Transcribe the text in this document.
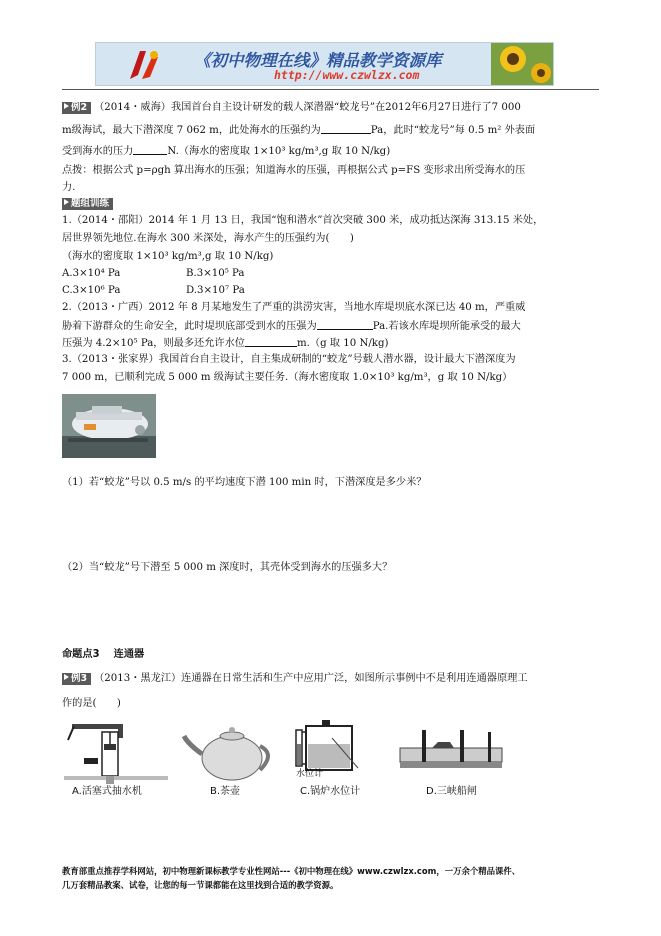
《初中物理在线》精品教学资源库
http://www.czwlzx.com
例2 （2014・威海）我国首台自主设计研发的载人深潜器“蛟龙号”在2012年6月27日进行了7 000
m级海试，最大下潜深度 7 062 m，此处海水的压强约为	Pa，此时“蛟龙号”每 0.5 m² 外表面
受到海水的压力	N.（海水的密度取 1×10³ kg/m³,g 取 10 N/kg)
点拨：根据公式 p=ρgh 算出海水的压强；知道海水的压强，再根据公式 p=FS 变形求出所受海水的压
力.
题组训练
1.（2014・邵阳）2014 年 1 月 13 日，我国“饱和潜水”首次突破 300 米，成功抵达深海 313.15 米处，
居世界领先地位.在海水 300 米深处，海水产生的压强约为(　　)
（海水的密度取 1×10³ kg/m³,g 取 10 N/kg)
A.3×10⁴ Pa	B.3×10⁵ Pa
C.3×10⁶ Pa	D.3×10⁷ Pa
2.（2013・广西）2012 年 8 月某地发生了严重的洪涝灾害，当地水库堤坝底水深已达 40 m，严重威
胁着下游群众的生命安全，此时堤坝底部受到水的压强为	Pa.若该水库堤坝所能承受的最大
压强为 4.2×10⁵ Pa，则最多还允许水位	m.（g 取 10 N/kg)
3.（2013・张家界）我国首台自主设计，自主集成研制的“蛟龙”号载人潜水器，设计最大下潜深度为
7 000 m，已顺利完成 5 000 m 级海试主要任务.（海水密度取 1.0×10³ kg/m³，g 取 10 N/kg）
（1）若“蛟龙”号以 0.5 m/s 的平均速度下潜 100 min 时，下潜深度是多少米？
（2）当“蛟龙”号下潜至 5 000 m 深度时，其壳体受到海水的压强多大？
命题点3 连通器
例3 （2013・黑龙江）连通器在日常生活和生产中应用广泛，如图所示事例中不是利用连通器原理工
作的是(　　)
A.活塞式抽水机	B.茶壶
水位计
C.锅炉水位计	D.三峡船闸
教育部重点推荐学科网站，初中物理新课标教学专业性网站---《初中物理在线》www.czwlzx.com，一万余个精品课件、
几万套精品教案、试卷，让您的每一节课都能在这里找到合适的教学资源。
